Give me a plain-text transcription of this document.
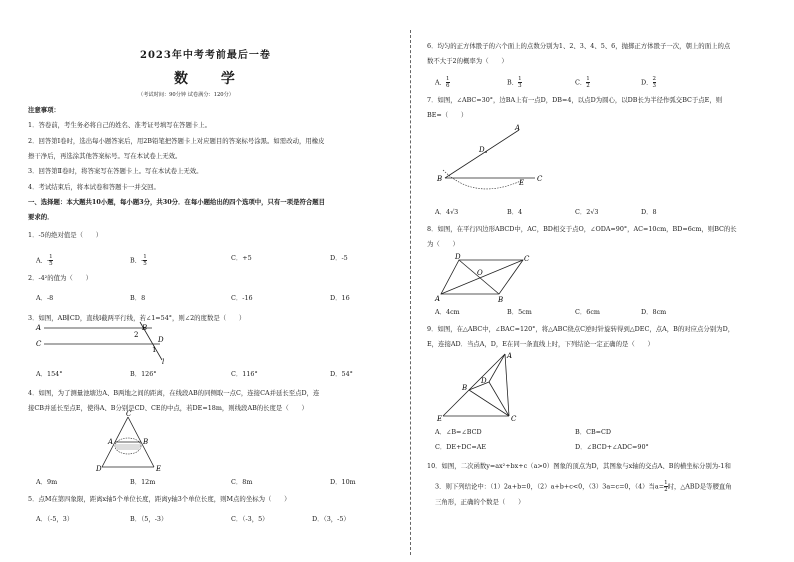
2023年中考考前最后一卷
数 学
（考试时间：90分钟 试卷满分：120分）
注意事项：
1．答卷前，考生务必将自己的姓名、准考证号填写在答题卡上。
2．回答第Ⅰ卷时，选出每小题答案后，用2B铅笔把答题卡上对应题目的答案标号涂黑。如需改动，用橡皮
擦干净后，再选涂其他答案标号。写在本试卷上无效。
3．回答第Ⅱ卷时，将答案写在答题卡上。写在本试卷上无效。
4．考试结束后，将本试卷和答题卡一并交回。
一、选择题：本大题共10小题，每小题3分，共30分．在每小题给出的四个选项中，只有一项是符合题目
要求的．
1．-5的绝对值是（　　）
A．- $\frac{1}{5}$	B．- $\frac{1}{5}$	C．+5	D．-5
2．-4²的值为（　　）
A．-8	B．8	C．-16	D．16
3．如图，AB∥CD，直线l截两平行线，若∠1=54°，则∠2的度数是（　　）
A	B
C	D
2
1
l
A．154°	B．126°	C．116°	D．54°
4．如图，为了测量池塘边A、B两地之间的距离，在线段AB的同侧取一点C，连接CA并延长至点D，连
接CB并延长至点E，使得A、B分别是CD、CE的中点，若DE=18m，则线段AB的长度是（　　）
C
A	B
D	E
A．9m	B．12m	C．8m	D．10m
5．点M在第四象限，距离x轴5个单位长度，距离y轴3个单位长度，则M点的坐标为（　　）
A．（-5，3）	B．（5，-3）	C．（-3，5）	D．（3，-5）
6．均匀的正方体骰子的六个面上的点数分别为1、2、3、4、5、6，抛掷正方体骰子一次，朝上的面上的点
数不大于2的概率为（　　）
A． $\frac{1}{6}$	B． $\frac{1}{3}$	C． $\frac{1}{2}$	D． $\frac{2}{3}$
7．如图，∠ABC=30°，边BA上有一点D，DB=4，以点D为圆心，以DB长为半径作弧交BC于点E，则
BE=（　　）
A
B	C
D
E
A．4√3	B．4	C．2√3	D．8
8．如图，在平行四边形ABCD中，AC，BD相交于点O，∠ODA=90°，AC=10cm，BD=6cm，则BC的长
为（　　）
D	C
A	B
O
A．4cm	B．5cm	C．6cm	D．8cm
9．如图，在△ABC中，∠BAC=120°，将△ABC绕点C逆时针旋转得到△DEC，点A，B的对应点分别为D，
E，连接AD．当点A，D，E在同一条直线上时，下列结论一定正确的是（　　）
A
D
B
E	C
A．∠B=∠BCD	B．CB=CD
C．DE+DC=AE	D．∠BCD+∠ADC=90°
10．如图，二次函数y=ax²+bx+c（a>0）图象的顶点为D，其图象与x轴的交点A、B的横坐标分别为-1和
3．则下列结论中：（1）2a+b=0，（2）a+b+c<0，（3）3a=c=0，（4）当$a= \frac{1}{2}$ 时，△ABD是等腰直角
三角形，正确的个数是（　　）
